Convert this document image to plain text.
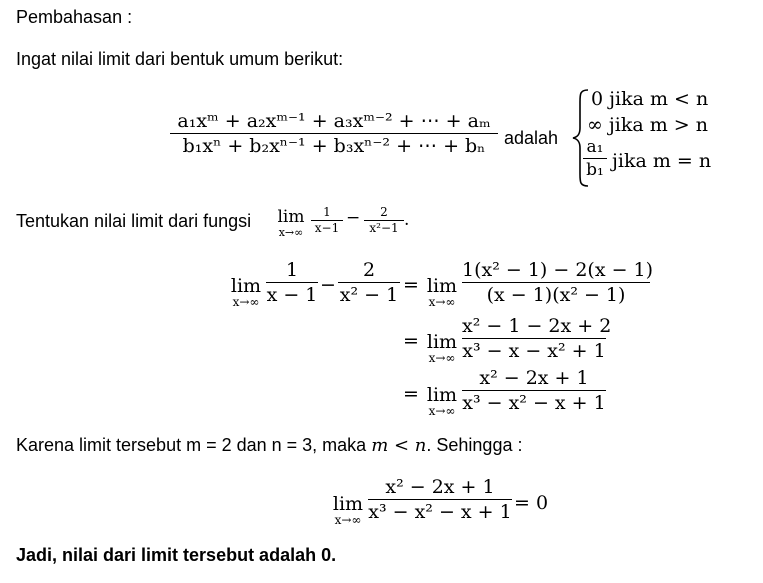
Pembahasan :
Ingat nilai limit dari bentuk umum berikut:
a₁xᵐ + a₂xᵐ⁻¹ + a₃xᵐ⁻² + ⋯ + aₘ
b₁xⁿ + b₂xⁿ⁻¹ + b₃xⁿ⁻² + ⋯ + bₙ	adalah
0 jika m < n
∞ jika m > n
a₁
b₁ jika m = n
Tentukan nilai limit dari fungsi lim
x→∞
1
x−1 −	2
x²−1 .
lim
x→∞
1
x − 1 −
2
x² − 1 = lim
x→∞
1(x² − 1) − 2(x − 1)
(x − 1)(x² − 1)
= lim
x→∞
x² − 1 − 2x + 2
x³ − x − x² + 1
= lim
x→∞
x² − 2x + 1
x³ − x² − x + 1
Karena limit tersebut m = 2 dan n = 3, maka m < n. Sehingga :
lim
x→∞
x² − 2x + 1
x³ − x² − x + 1 = 0
Jadi, nilai dari limit tersebut adalah 0.
